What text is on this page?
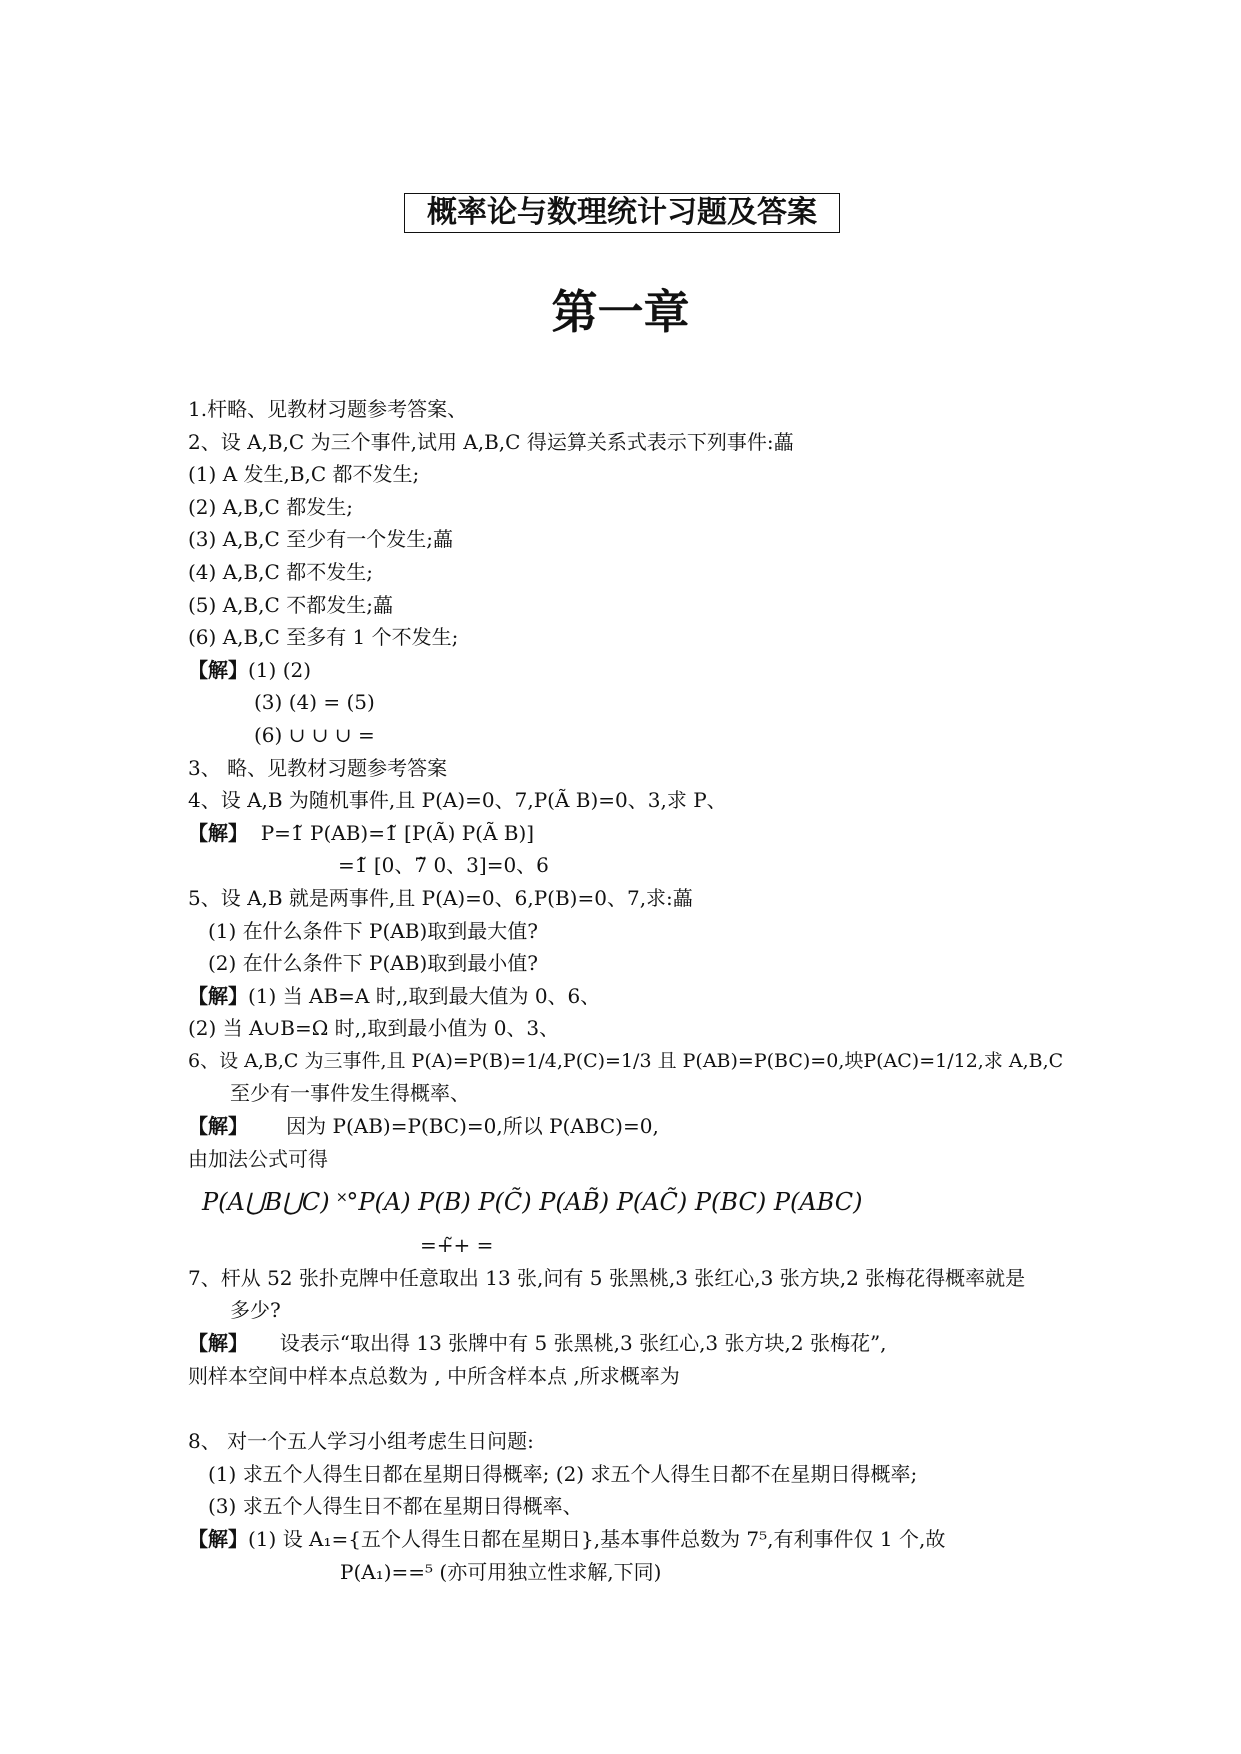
概率论与数理统计习题及答案
第一章
1.杆略、见教材习题参考答案、
2、设 A,B,C 为三个事件,试用 A,B,C 得运算关系式表示下列事件:藟
(1) A 发生,B,C 都不发生;
(2) A,B,C 都发生;
(3) A,B,C 至少有一个发生;藟
(4) A,B,C 都不发生;
(5) A,B,C 不都发生;藟
(6) A,B,C 至多有 1 个不发生;
【解】(1) (2)
(3) (4) = (5)
(6) ∪ ∪ ∪ =
3、 略、见教材习题参考答案
4、设 A,B 为随机事件,且 P(A)=0、7,P(Ã B)=0、3,求 P、
【解】 P=1̃ P(AB)=1̃ [P(Ã) P(Ã B)]
=1̃ [0、7̃ 0、3]=0、6
5、设 A,B 就是两事件,且 P(A)=0、6,P(B)=0、7,求:藟
(1) 在什么条件下 P(AB)取到最大值?
(2) 在什么条件下 P(AB)取到最小值?
【解】(1) 当 AB=A 时,,取到最大值为 0、6、
(2) 当 A∪B=Ω 时,,取到最小值为 0、3、
6、设 A,B,C 为三事件,且 P(A)=P(B)=1/4,P(C)=1/3 且 P(AB)=P(BC)=0,坱P(AC)=1/12,求 A,B,C
至少有一事件发生得概率、
【解】 因为 P(AB)=P(BC)=0,所以 P(ABC)=0,
由加法公式可得
P(A⋃B⋃C) ˟°P(A) P(B) P(C̃) P(AB̃) P(AC̃) P(BC) P(ABC)
=+̃+ =
7、杆从 52 张扑克牌中任意取出 13 张,问有 5 张黑桃,3 张红心,3 张方块,2 张梅花得概率就是
多少?
【解】 设表示“取出得 13 张牌中有 5 张黑桃,3 张红心,3 张方块,2 张梅花”,
则样本空间中样本点总数为 , 中所含样本点 ,所求概率为
8、 对一个五人学习小组考虑生日问题:
(1) 求五个人得生日都在星期日得概率; (2) 求五个人得生日都不在星期日得概率;
(3) 求五个人得生日不都在星期日得概率、
【解】(1) 设 A₁={五个人得生日都在星期日},基本事件总数为 7⁵,有利事件仅 1 个,故
P(A₁)==⁵ (亦可用独立性求解,下同)
